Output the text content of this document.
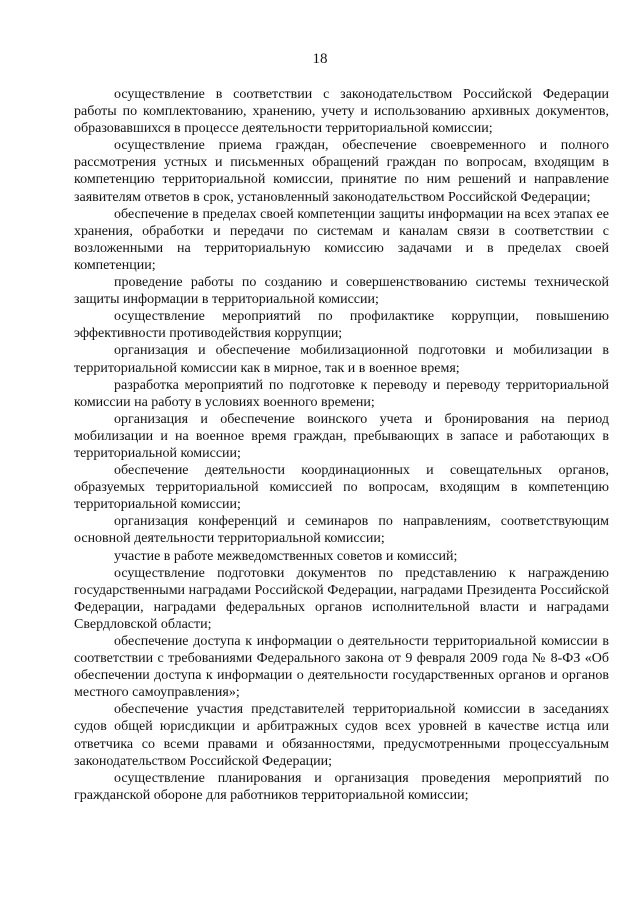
18

осуществление в соответствии с законодательством Российской Федерации работы по комплектованию, хранению, учету и использованию архивных документов, образовавшихся в процессе деятельности территориальной комиссии;

осуществление приема граждан, обеспечение своевременного и полного рассмотрения устных и письменных обращений граждан по вопросам, входящим в компетенцию территориальной комиссии, принятие по ним решений и направление заявителям ответов в срок, установленный законодательством Российской Федерации;

обеспечение в пределах своей компетенции защиты информации на всех этапах ее хранения, обработки и передачи по системам и каналам связи в соответствии с возложенными на территориальную комиссию задачами и в пределах своей компетенции;

проведение работы по созданию и совершенствованию системы технической защиты информации в территориальной комиссии;

осуществление мероприятий по профилактике коррупции, повышению эффективности противодействия коррупции;

организация и обеспечение мобилизационной подготовки и мобилизации в территориальной комиссии как в мирное, так и в военное время;

разработка мероприятий по подготовке к переводу и переводу территориальной комиссии на работу в условиях военного времени;

организация и обеспечение воинского учета и бронирования на период мобилизации и на военное время граждан, пребывающих в запасе и работающих в территориальной комиссии;

обеспечение деятельности координационных и совещательных органов, образуемых территориальной комиссией по вопросам, входящим в компетенцию территориальной комиссии;

организация конференций и семинаров по направлениям, соответствующим основной деятельности территориальной комиссии;

участие в работе межведомственных советов и комиссий;

осуществление подготовки документов по представлению к награждению государственными наградами Российской Федерации, наградами Президента Российской Федерации, наградами федеральных органов исполнительной власти и наградами Свердловской области;

обеспечение доступа к информации о деятельности территориальной комиссии в соответствии с требованиями Федерального закона от 9 февраля 2009 года № 8-ФЗ «Об обеспечении доступа к информации о деятельности государственных органов и органов местного самоуправления»;

обеспечение участия представителей территориальной комиссии в заседаниях судов общей юрисдикции и арбитражных судов всех уровней в качестве истца или ответчика со всеми правами и обязанностями, предусмотренными процессуальным законодательством Российской Федерации;

осуществление планирования и организация проведения мероприятий по гражданской обороне для работников территориальной комиссии;
